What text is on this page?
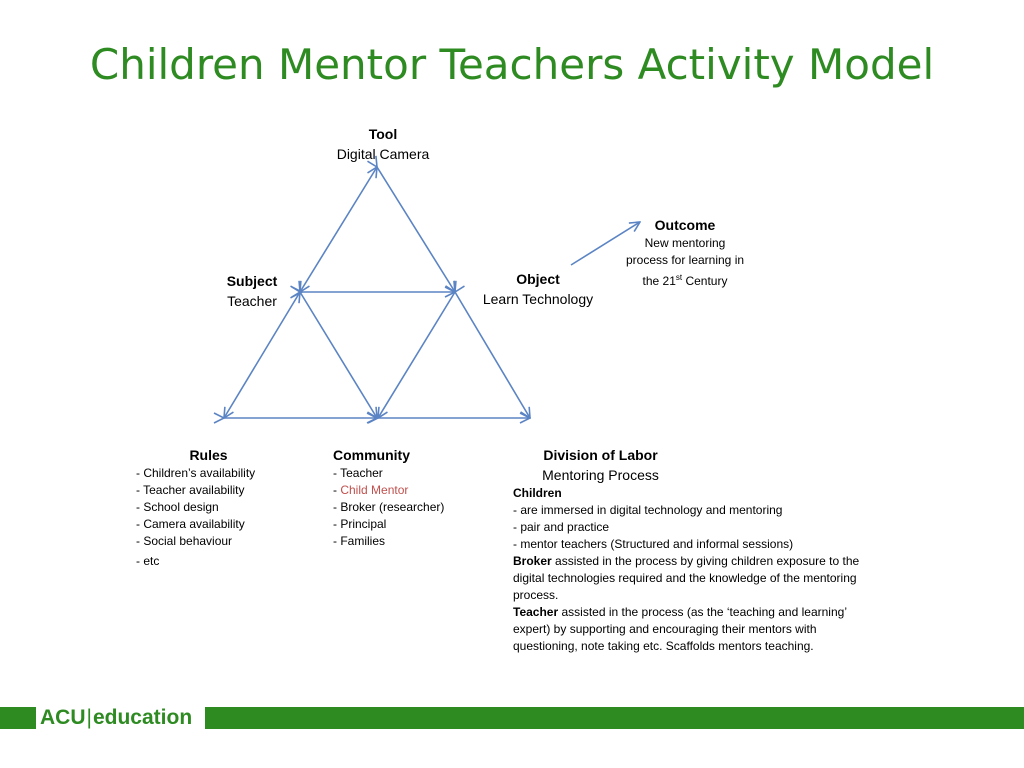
Children Mentor Teachers Activity Model
Tool
Digital Camera
Subject
Teacher
Object
Learn Technology
Outcome
New mentoring
process for learning in
the 21st Century
Rules
- Children’s availability
- Teacher availability
- School design
- Camera availability
- Social behaviour
- etc
Community
- Teacher
- Child Mentor
- Broker (researcher)
- Principal
- Families
Division of Labor
Mentoring Process
Children
- are immersed in digital technology and mentoring
- pair and practice
- mentor teachers (Structured and informal sessions)
Broker assisted in the process by giving children exposure to the digital technologies required and the knowledge of the mentoring process.
Teacher assisted in the process (as the ‘teaching and learning’ expert) by supporting and encouraging their mentors with questioning, note taking etc. Scaffolds mentors teaching.
ACU|education
